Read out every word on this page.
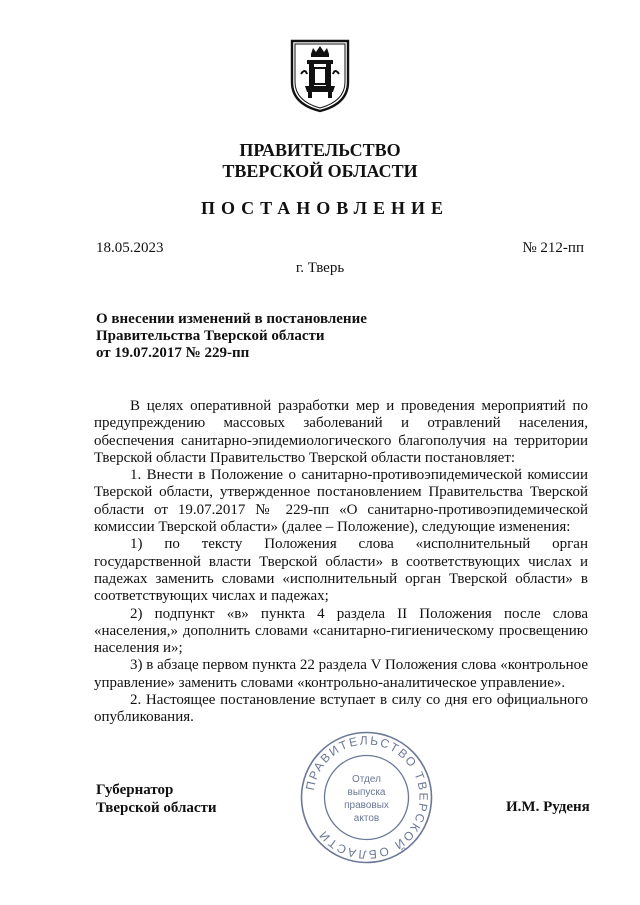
ПРАВИТЕЛЬСТВО
ТВЕРСКОЙ ОБЛАСТИ
ПОСТАНОВЛЕНИЕ
18.05.2023	№ 212-пп
г. Тверь
О внесении изменений в постановление
Правительства Тверской области
от 19.07.2017 № 229-пп

В целях оперативной разработки мер и проведения мероприятий по предупреждению массовых заболеваний и отравлений населения, обеспечения санитарно-эпидемиологического благополучия на территории Тверской области Правительство Тверской области постановляет:

1. Внести в Положение о санитарно-противоэпидемической комиссии Тверской области, утвержденное постановлением Правительства Тверской области от 19.07.2017 № 229-пп «О санитарно-противоэпидемической комиссии Тверской области» (далее – Положение), следующие изменения:

1) по тексту Положения слова «исполнительный орган государственной власти Тверской области» в соответствующих числах и падежах заменить словами «исполнительный орган Тверской области» в соответствующих числах и падежах;

2) подпункт «в» пункта 4 раздела II Положения после слова «населения,» дополнить словами «санитарно-гигиеническому просвещению населения и»;

3) в абзаце первом пункта 22 раздела V Положения слова «контрольное управление» заменить словами «контрольно-аналитическое управление».

2. Настоящее постановление вступает в силу со дня его официального опубликования.

Губернатор
Тверской области	И.М. Руденя
ПРАВИТЕЛЬСТВО ТВЕРСКОЙ ОБЛАСТИ
Отдел
выпуска
правовых
актов
